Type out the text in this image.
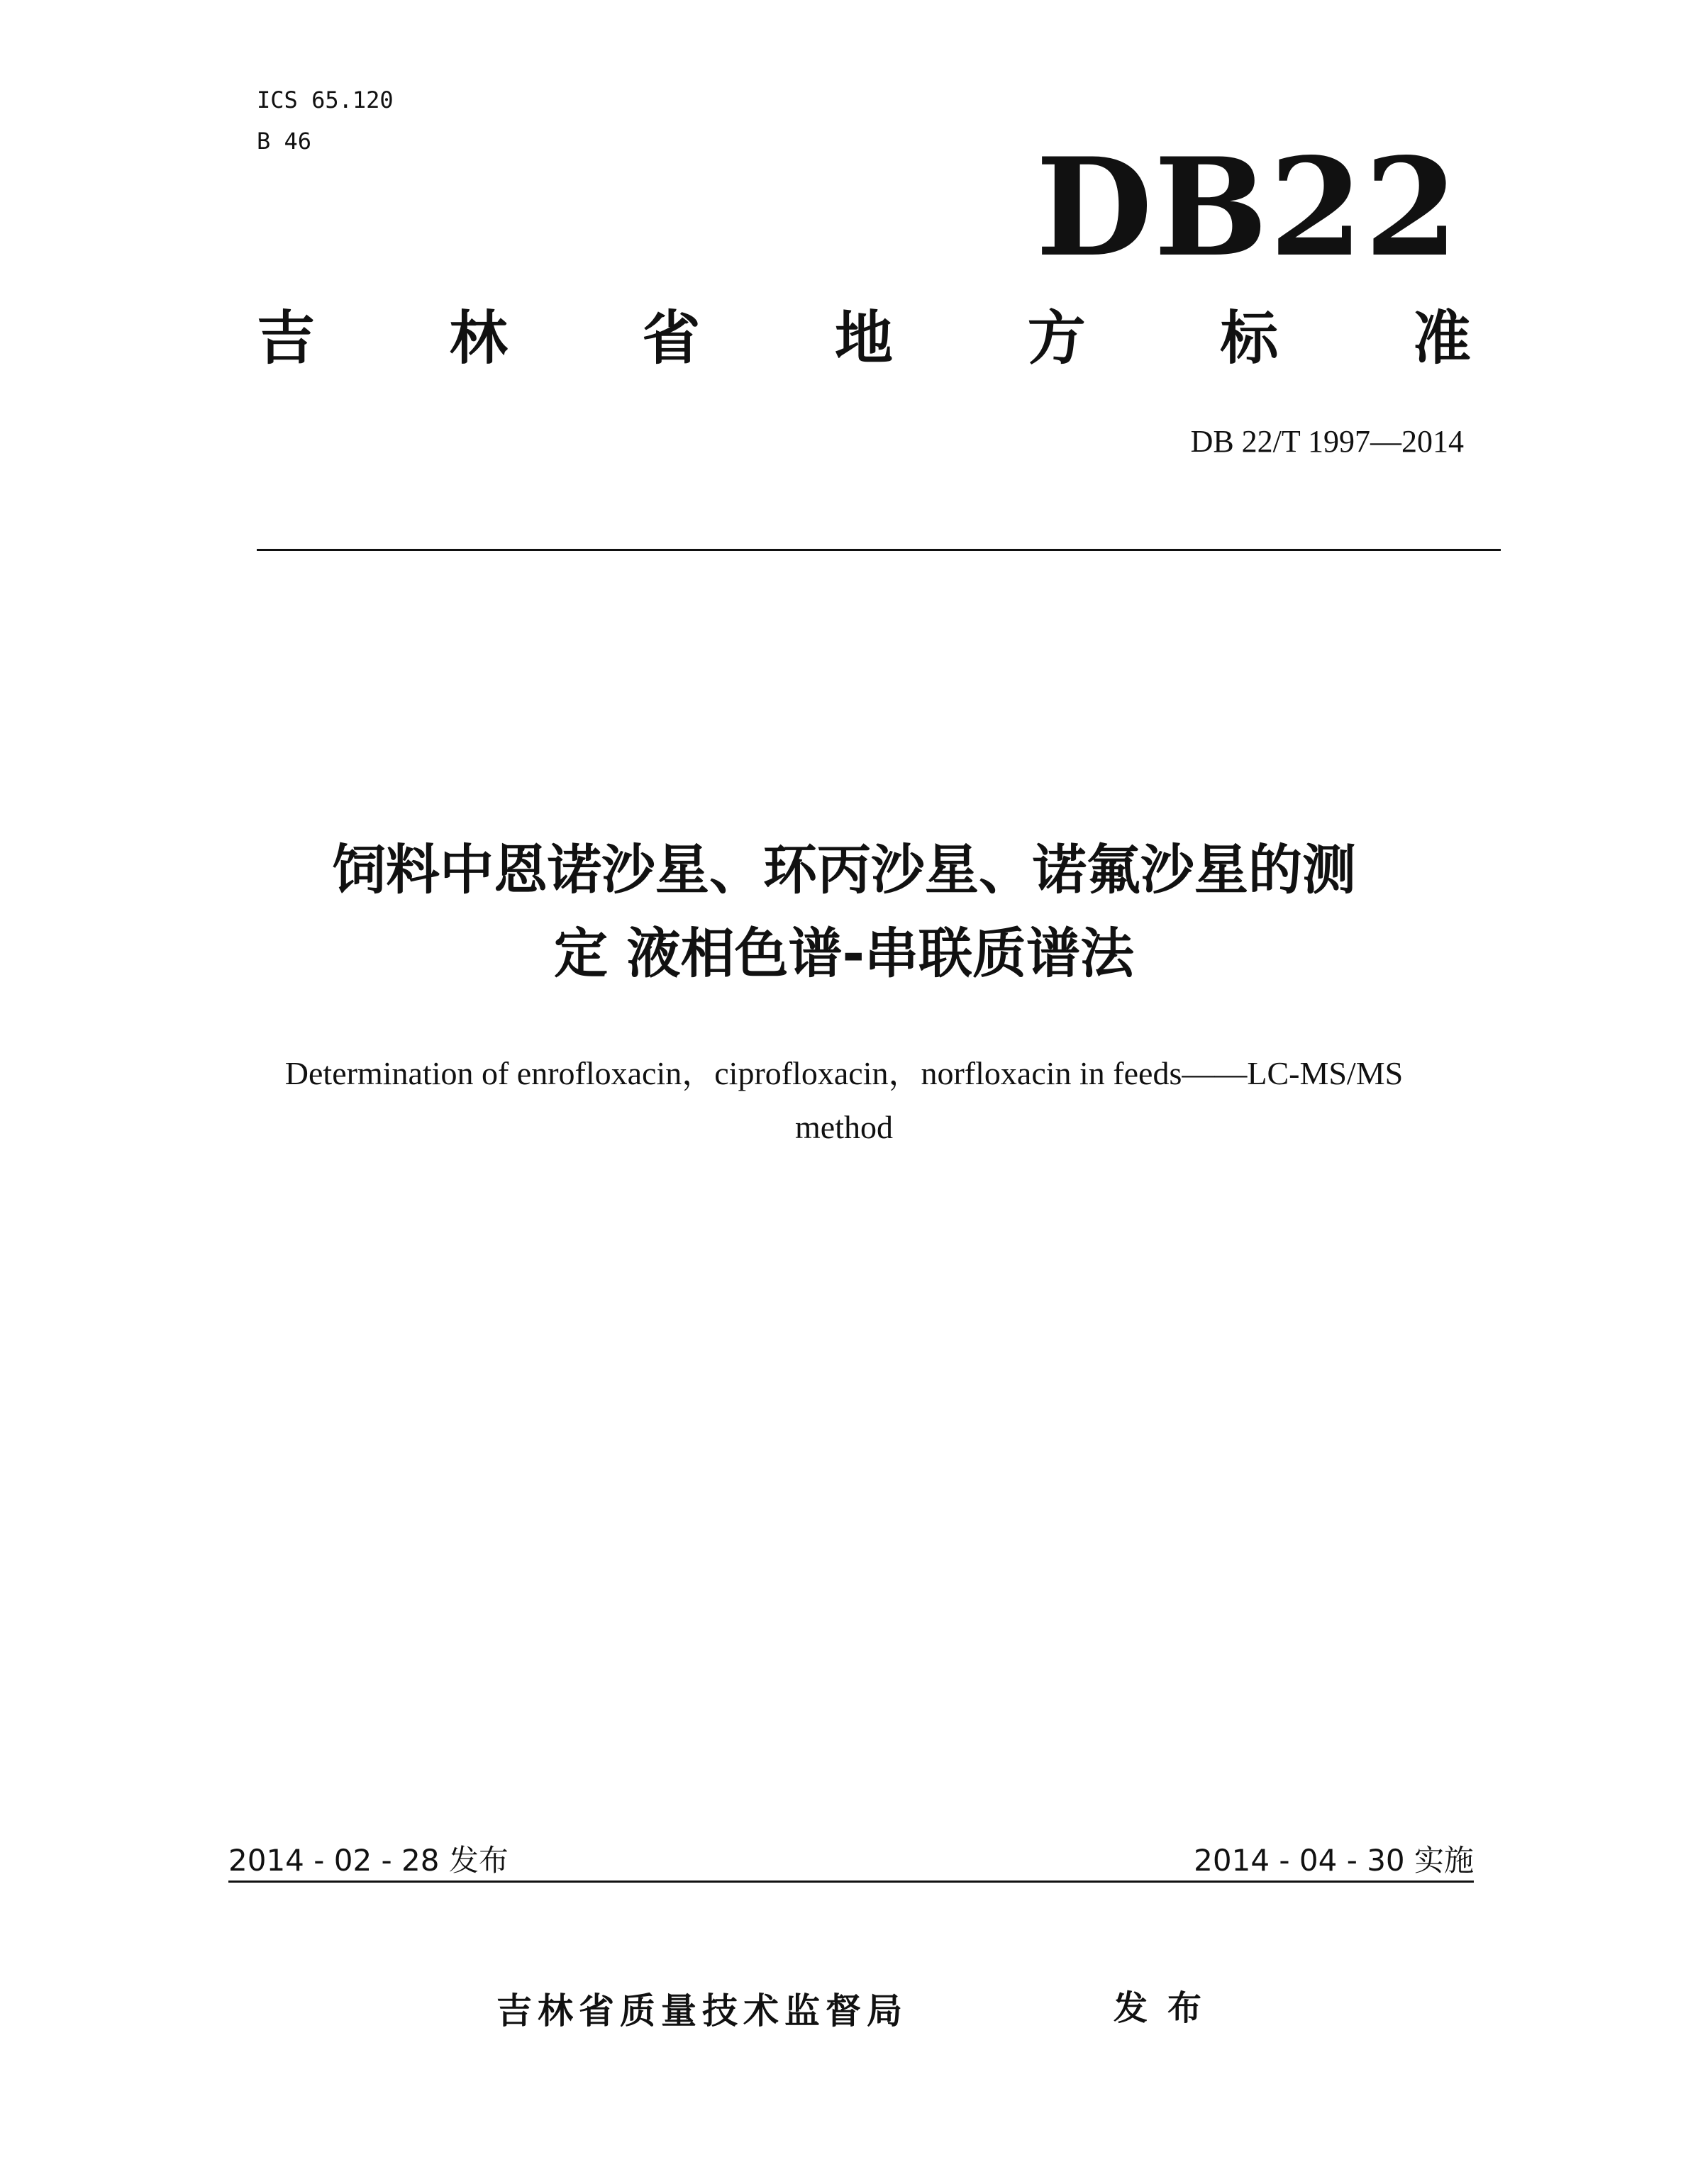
ICS 65.120
B 46	DB22
吉 林 省 地 方 标 准
DB 22/T 1997—2014
饲料中恩诺沙星、环丙沙星、诺氟沙星的测
定 液相色谱-串联质谱法
Determination of enrofloxacin，ciprofloxacin，norfloxacin in feeds——LC-MS/MS
method
2014 - 02 - 28 发布	2014 - 04 - 30 实施
吉林省质量技术监督局	发布
